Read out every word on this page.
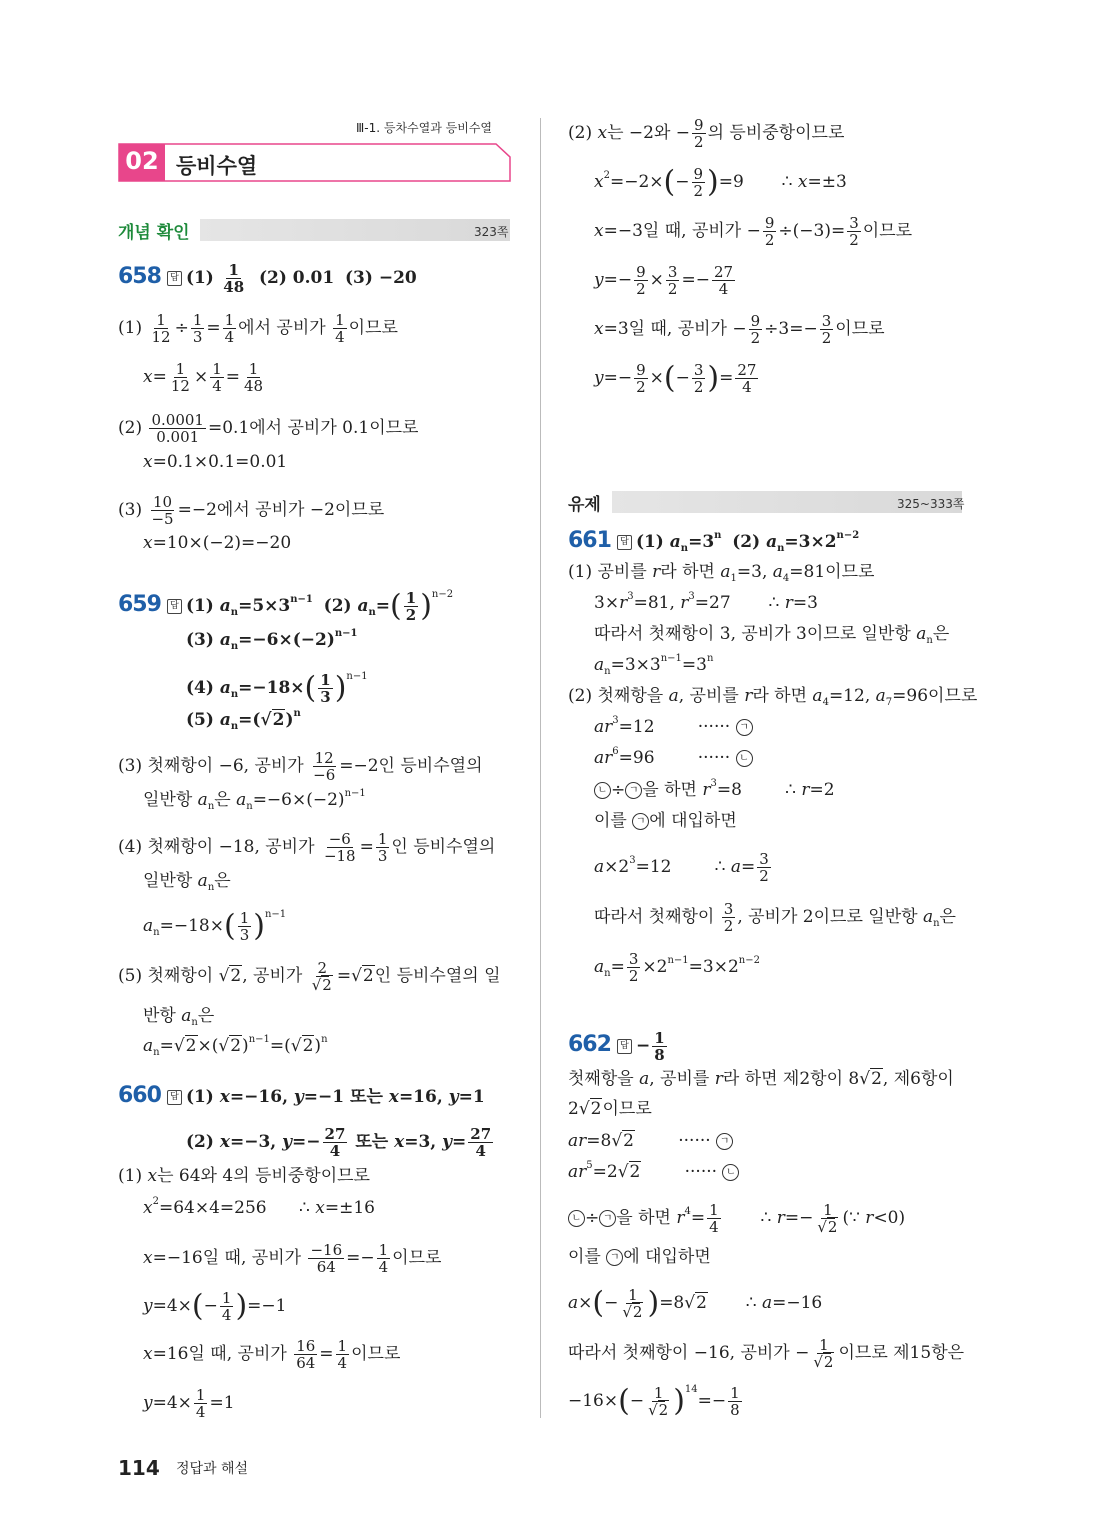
Ⅲ-1. 등차수열과 등비수열
02 등비수열
개념 확인	323쪽
658 답 $(1) \frac{1}{48} (2)$ 0.01 (3) −20
$(1) \frac{1}{12} \div \frac{1}{3} = \frac{1}{4}$ 에서 공비가 $\frac{1}{4}$ 이므로
$x= \frac{1}{12} \times \frac{1}{4} = \frac{1}{48}$
$(2) \frac{0.0001}{0.001} =0.1$에서 공비가 0.1이므로
x=0.1×0.1=0.01
$(3) \frac{10}{-5} =-2$에서 공비가 −2이므로
x=10×(−2)=−20
659 답 (1) $a_n=5\times 3^{n-1}$ (2) $a_n=( \frac{1}{2} )^{n-2}$
(3) $a_n=-6\times(-2)^{n-1}$
(4) $a_n=-18\times( \frac{1}{3} )^{n-1}$
(5) $a_n=(√2)^n$
(3) 첫째항이 −6, 공비가 $\frac{12}{-6} =-2$인 등비수열의
일반항 $a_n$은 $a_n=-6\times(-2)^{n-1}$
(4) 첫째항이 −18, 공비가 $\frac{-6}{-18} = \frac{1}{3}$ 인 등비수열의
일반항 $a_n$은
$a_n=-18\times( \frac{1}{3} )^{n-1}$
(5) 첫째항이 √2, 공비가 $\frac{2}{√2} =√2$인 등비수열의 일
반항 $a_n$은
$a_n=√2\times(√2)^{n-1}=(√2)^n$
660 답 (1) x=−16, y=−1 또는 x=16, y=1
(2) x=−3, $y=- \frac{27}{4}$ 또는 x=3, $y= \frac{27}{4}$
(1) x는 64와 4의 등비중항이므로
$x^2=64\times 4=256$      ∴ x=±16
x=−16일 때, 공비가 $\frac{-16}{64} =- \frac{1}{4}$ 이므로
$y=4\times(- \frac{1}{4} )=-1$
x=16일 때, 공비가 $\frac{16}{64} = \frac{1}{4}$ 이므로
$y=4\times \frac{1}{4} =1$
(2) x는 −2와 − $\frac{9}{2}$ 의 등비중항이므로
$x^2=-2\times(- \frac{9}{2} )=9$       ∴ x=±3
x=−3일 때, 공비가 − $\frac{9}{2} \div(-3)= \frac{3}{2}$ 이므로
$y=- \frac{9}{2} \times \frac{3}{2} =- \frac{27}{4}$
x=3일 때, 공비가 − $\frac{9}{2} \div 3=- \frac{3}{2}$ 이므로
$y=- \frac{9}{2}$ ×(− $\frac{3}{2}$ )= $\frac{27}{4}$
유제	325~333쪽
661 답 (1) $a_n=3^n$ (2) $a_n=3\times 2^{n-2}$
(1) 공비를 r라 하면 $a_1=3$, $a_4=81$이므로
$3\times r^3=81$, $r^3=27$       ∴ r=3
따라서 첫째항이 3, 공비가 3이므로 일반항 $a_n$은
$a_n=3\times 3^{n-1}=3^n$
(2) 첫째항을 a, 공비를 r라 하면 $a_4=12$, $a_7=96$이므로
$ar^3=12$        ······ ㄱ
$ar^6=96$        ······ ㄴ
ㄴ ÷ ㄱ 을 하면 $r^3=8$        ∴ r=2
이를 ㄱ 에 대입하면
$a\times 2^3=12$        ∴ $a= \frac{3}{2}$
따라서 첫째항이 $\frac{3}{2}$ , 공비가 2이므로 일반항 $a_n$은
$a_n= \frac{3}{2} \times 2^{n-1}=3\times 2^{n-2}$
662 답 − $\frac{1}{8}$
첫째항을 a, 공비를 r라 하면 제2항이 8√2, 제6항이
2√2이므로
ar=8√2        ······ ㄱ
$ar^5=2√2$        ······ ㄴ
ㄴ ÷ ㄱ 을 하면 $r^4= \frac{1}{4}$ ∴ $r=- \frac{1}{√2}$ (∵ r<0)
이를 ㄱ 에 대입하면
$a\times(- \frac{1}{√2} )=8√2$       ∴ a=−16
따라서 첫째항이 −16, 공비가 − $\frac{1}{√2}$ 이므로 제15항은
$-16\times(- \frac{1}{√2} )^{14}=- \frac{1}{8}$
114 정답과 해설
